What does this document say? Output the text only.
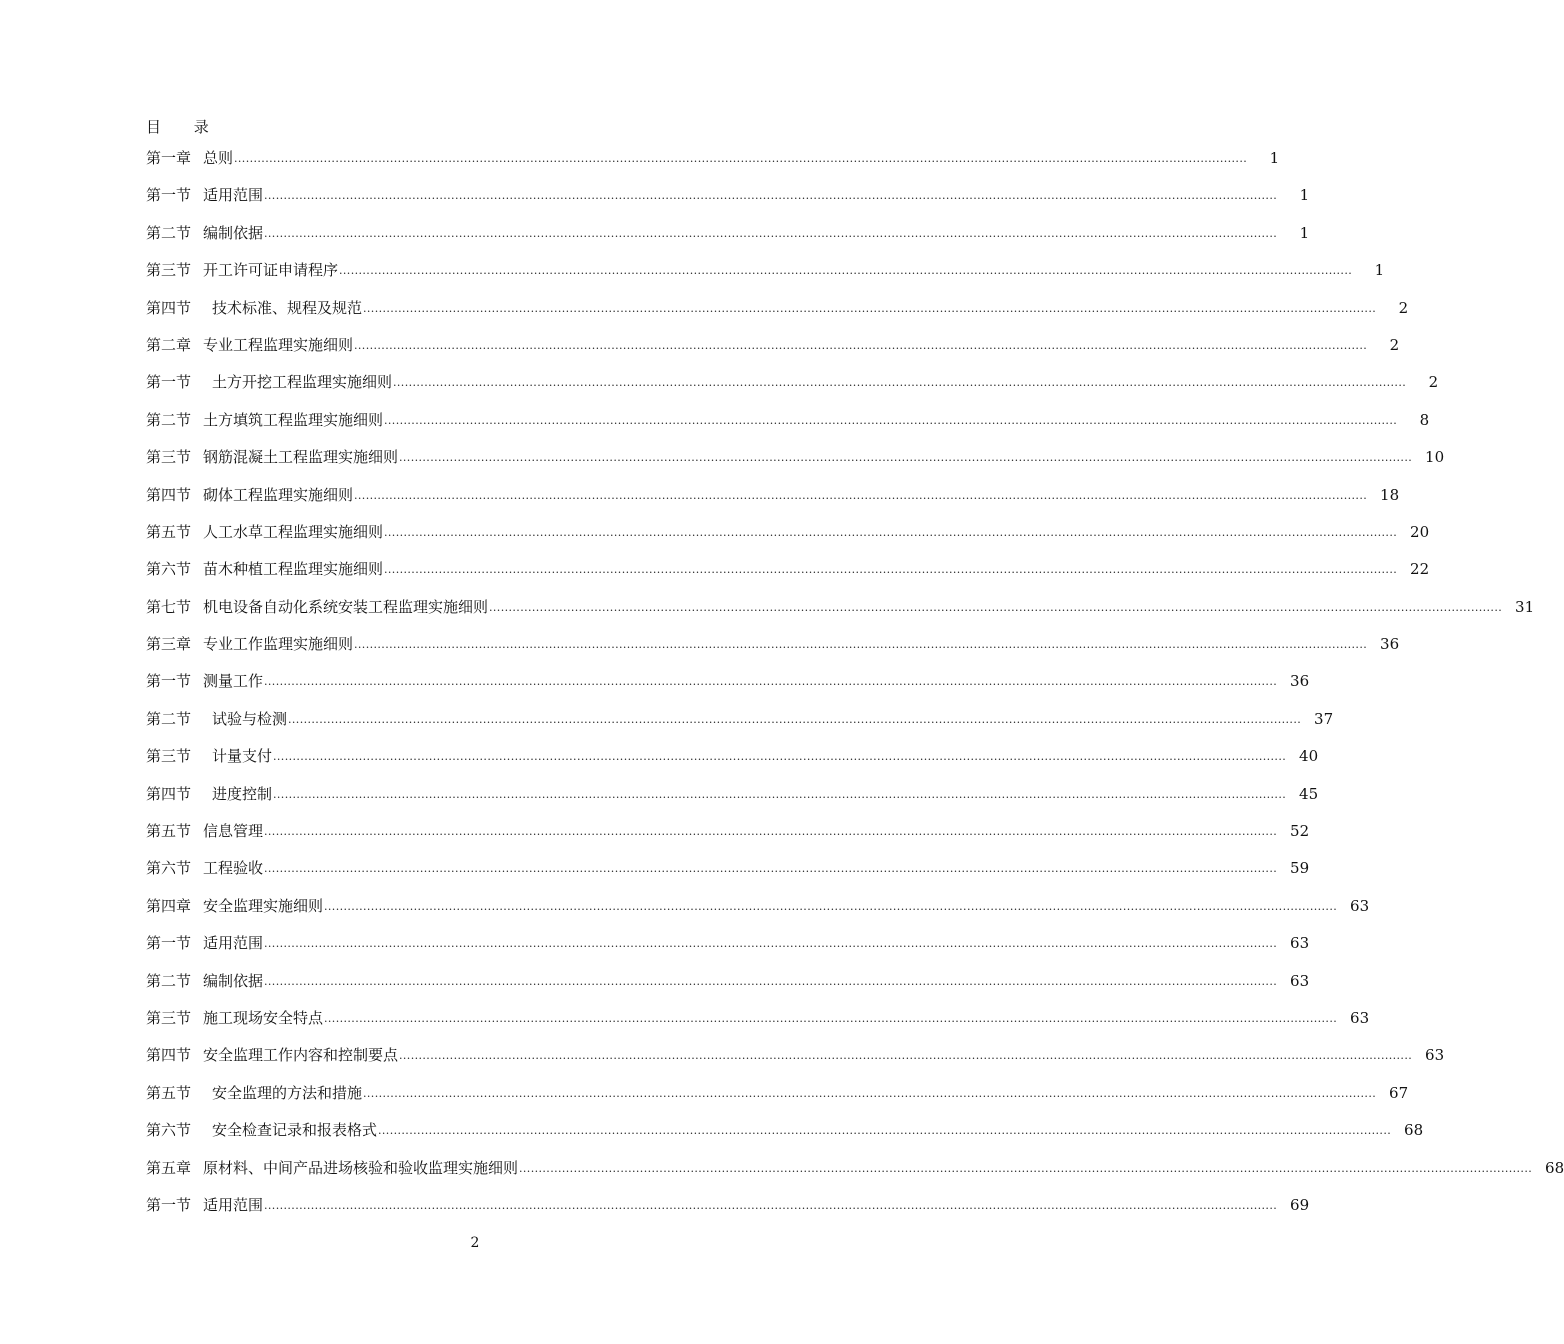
目 录
第一章 总则 ....................................................................................................................................................................................................................................................................	1
第一节 适用范围 ....................................................................................................................................................................................................................................................................	1
第二节 编制依据 ....................................................................................................................................................................................................................................................................	1
第三节 开工许可证申请程序 ....................................................................................................................................................................................................................................................................	1
第四节	技术标准、规程及规范 ....................................................................................................................................................................................................................................................................	2
第二章 专业工程监理实施细则 ....................................................................................................................................................................................................................................................................	2
第一节	土方开挖工程监理实施细则 ....................................................................................................................................................................................................................................................................	2
第二节 土方填筑工程监理实施细则 ....................................................................................................................................................................................................................................................................	8
第三节 钢筋混凝土工程监理实施细则 .................................................................................................................................................................................................................................................................... 10
第四节 砌体工程监理实施细则 .................................................................................................................................................................................................................................................................... 18
第五节 人工水草工程监理实施细则 .................................................................................................................................................................................................................................................................... 20
第六节 苗木种植工程监理实施细则 .................................................................................................................................................................................................................................................................... 22
第七节 机电设备自动化系统安装工程监理实施细则 .................................................................................................................................................................................................................................................................... 31
第三章 专业工作监理实施细则 .................................................................................................................................................................................................................................................................... 36
第一节 测量工作 .................................................................................................................................................................................................................................................................... 36
第二节	试验与检测 .................................................................................................................................................................................................................................................................... 37
第三节	计量支付 .................................................................................................................................................................................................................................................................... 40
第四节	进度控制 .................................................................................................................................................................................................................................................................... 45
第五节 信息管理 .................................................................................................................................................................................................................................................................... 52
第六节 工程验收 .................................................................................................................................................................................................................................................................... 59
第四章 安全监理实施细则 .................................................................................................................................................................................................................................................................... 63
第一节 适用范围 .................................................................................................................................................................................................................................................................... 63
第二节 编制依据 .................................................................................................................................................................................................................................................................... 63
第三节 施工现场安全特点 .................................................................................................................................................................................................................................................................... 63
第四节 安全监理工作内容和控制要点 .................................................................................................................................................................................................................................................................... 63
第五节	安全监理的方法和措施 .................................................................................................................................................................................................................................................................... 67
第六节	安全检查记录和报表格式 .................................................................................................................................................................................................................................................................... 68
第五章 原材料、中间产品进场核验和验收监理实施细则 .................................................................................................................................................................................................................................................................... 68
第一节 适用范围 .................................................................................................................................................................................................................................................................... 69
2
